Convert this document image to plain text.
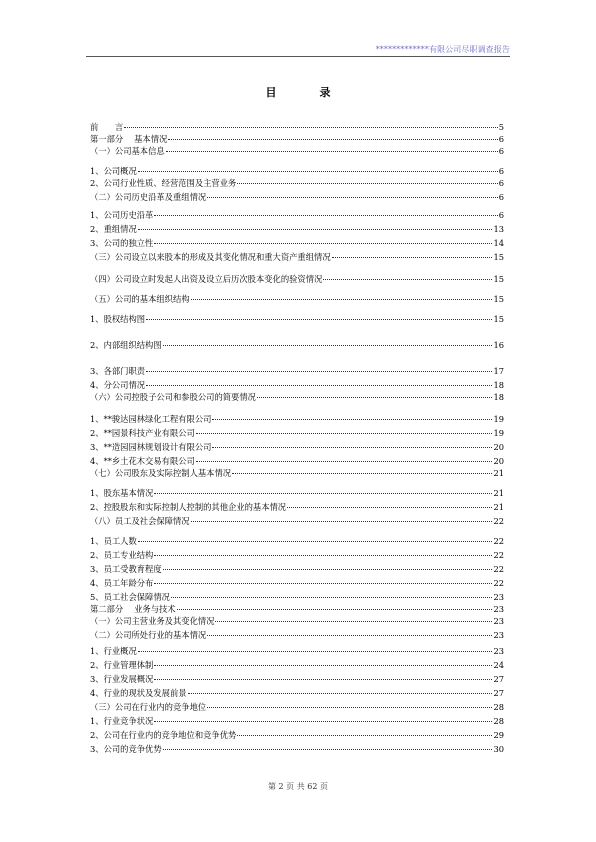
*************有限公司尽职调查报告
目　录
前　　言	5
第一部分　 基本情况	6
（一）公司基本信息	6
1、公司概况	6
2、公司行业性质、经营范围及主营业务	6
（二）公司历史沿革及重组情况	6
1、公司历史沿革	6
2、重组情况	13
3、公司的独立性	14
（三）公司设立以来股本的形成及其变化情况和重大资产重组情况	15
（四）公司设立时发起人出资及设立后历次股本变化的验资情况	15
（五）公司的基本组织结构	15
1、股权结构图	15
2、内部组织结构图	16
3、各部门职责	17
4、分公司情况	18
（六）公司控股子公司和参股公司的简要情况	18
1、**骏达园林绿化工程有限公司	19
2、**园景科技产业有限公司	19
3、**造园园林规划设计有限公司	20
4、**乡土花木交易有限公司	20
（七）公司股东及实际控制人基本情况	21
1、股东基本情况	21
2、控股股东和实际控制人控制的其他企业的基本情况	21
（八）员工及社会保障情况	22
1、员工人数	22
2、员工专业结构	22
3、员工受教育程度	22
4、员工年龄分布	22
5、员工社会保障情况	23
第二部分　 业务与技术	23
（一）公司主营业务及其变化情况	23
（二）公司所处行业的基本情况	23
1、行业概况	23
2、行业管理体制	24
3、行业发展概况	27
4、行业的现状及发展前景	27
（三）公司在行业内的竞争地位	28
1、行业竞争状况	28
2、公司在行业内的竞争地位和竞争优势	29
3、公司的竞争优势	30
第 2 页 共 62 页
